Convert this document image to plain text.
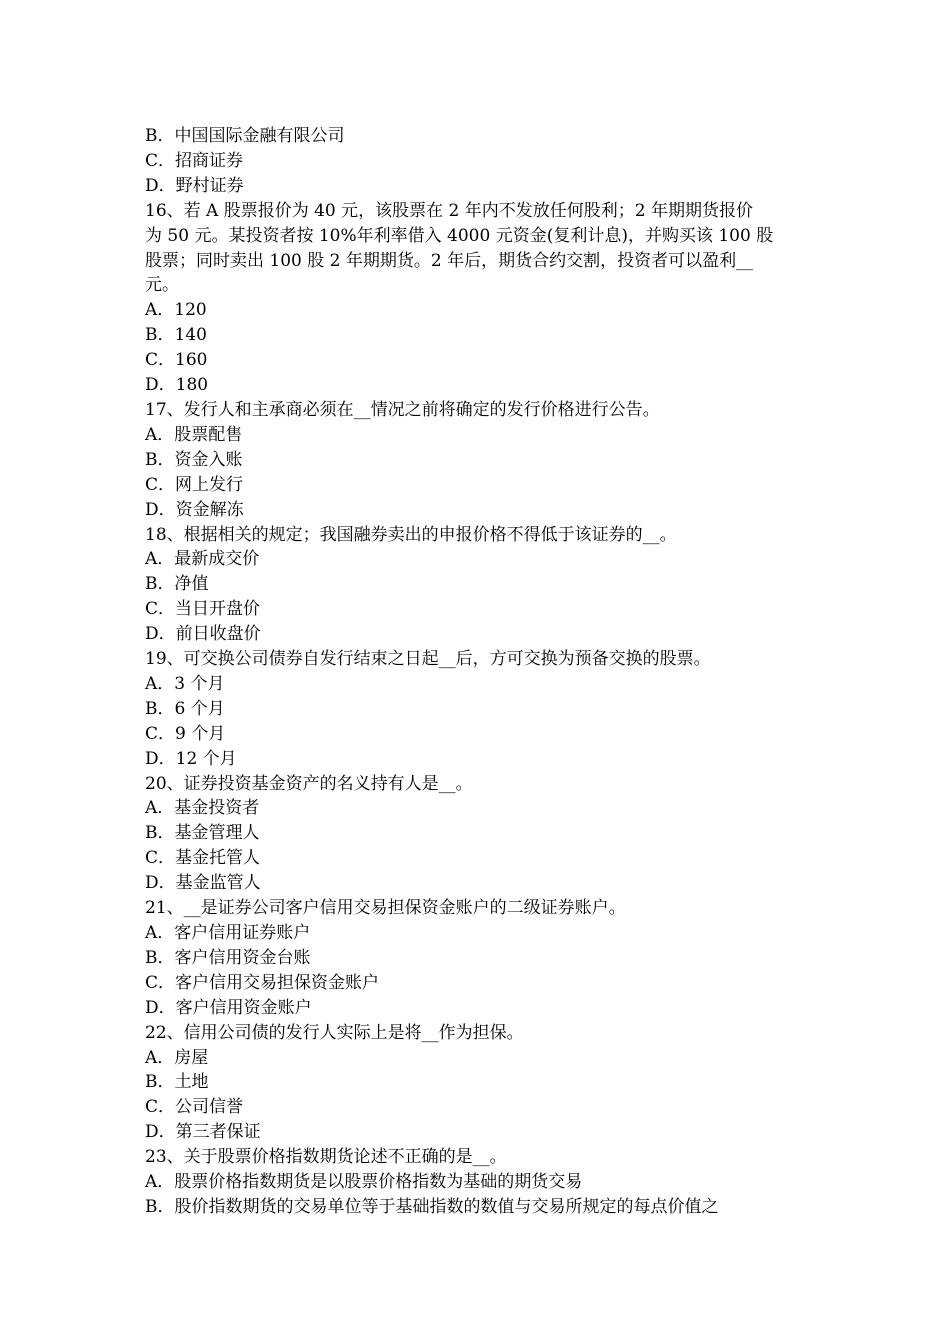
B．中国国际金融有限公司

C．招商证券

D．野村证券

16、若 A 股票报价为 40 元，该股票在 2 年内不发放任何股利；2 年期期货报价

为 50 元。某投资者按 10%年利率借入 4000 元资金(复利计息)，并购买该 100 股

股票；同时卖出 100 股 2 年期期货。2 年后，期货合约交割，投资者可以盈利__

元。

A．120

B．140

C．160

D．180

17、发行人和主承商必须在__情况之前将确定的发行价格进行公告。

A．股票配售

B．资金入账

C．网上发行

D．资金解冻

18、根据相关的规定；我国融券卖出的申报价格不得低于该证券的__。

A．最新成交价

B．净值

C．当日开盘价

D．前日收盘价

19、可交换公司债券自发行结束之日起__后，方可交换为预备交换的股票。

A．3 个月

B．6 个月

C．9 个月

D．12 个月

20、证券投资基金资产的名义持有人是__。

A．基金投资者

B．基金管理人

C．基金托管人

D．基金监管人

21、__是证券公司客户信用交易担保资金账户的二级证券账户。

A．客户信用证券账户

B．客户信用资金台账

C．客户信用交易担保资金账户

D．客户信用资金账户

22、信用公司债的发行人实际上是将__作为担保。

A．房屋

B．土地

C．公司信誉

D．第三者保证

23、关于股票价格指数期货论述不正确的是__。

A．股票价格指数期货是以股票价格指数为基础的期货交易

B．股价指数期货的交易单位等于基础指数的数值与交易所规定的每点价值之
